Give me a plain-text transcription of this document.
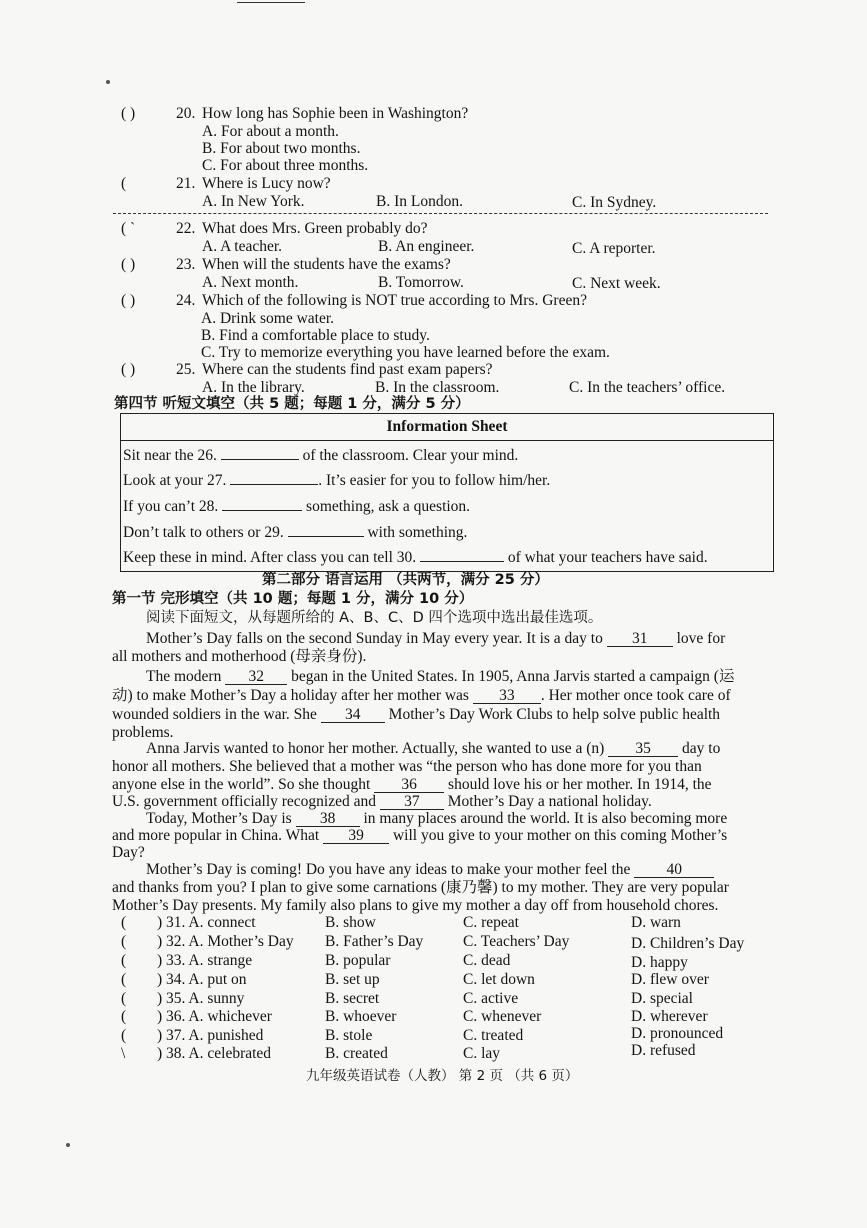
( )	20. How long has Sophie been in Washington?
A. For about a month.
B. For about two months.
C. For about three months.
(	21. Where is Lucy now?
A. In New York.	B. In London.	C. In Sydney.
( `	22. What does Mrs. Green probably do?
A. A teacher.	B. An engineer.	C. A reporter.
( )	23. When will the students have the exams?
A. Next month.	B. Tomorrow.	C. Next week.
( )	24. Which of the following is NOT true according to Mrs. Green?
A. Drink some water.
B. Find a comfortable place to study.
C. Try to memorize everything you have learned before the exam.
( )	25. Where can the students find past exam papers?
A. In the library.	B. In the classroom.	C. In the teachers’ office.
第四节 听短文填空（共 5 题；每题 1 分，满分 5 分）
Information Sheet
Sit near the 26.	of the classroom. Clear your mind.
Look at your 27.	. It’s easier for you to follow him/her.
If you can’t 28.	something, ask a question.
Don’t talk to others or 29.	with something.
Keep these in mind. After class you can tell 30.	of what your teachers have said.
第二部分 语言运用 （共两节，满分 25 分）
第一节 完形填空（共 10 题；每题 1 分，满分 10 分）
阅读下面短文，从每题所给的 A、B、C、D 四个选项中选出最佳选项。
Mother’s Day falls on the second Sunday in May every year. It is a day to 31 love for
all mothers and motherhood (母亲身份).
The modern 32 began in the United States. In 1905, Anna Jarvis started a campaign (运
动) to make Mother’s Day a holiday after her mother was 33 . Her mother once took care of
wounded soldiers in the war. She 34 Mother’s Day Work Clubs to help solve public health
problems.
Anna Jarvis wanted to honor her mother. Actually, she wanted to use a (n) 35 day to
honor all mothers. She believed that a mother was “the person who has done more for you than
anyone else in the world”. So she thought 36 should love his or her mother. In 1914, the
U.S. government officially recognized and 37 Mother’s Day a national holiday.
Today, Mother’s Day is 38 in many places around the world. It is also becoming more
and more popular in China. What 39 will you give to your mother on this coming Mother’s
Day?
Mother’s Day is coming! Do you have any ideas to make your mother feel the 40
and thanks from you? I plan to give some carnations (康乃馨) to my mother. They are very popular
Mother’s Day presents. My family also plans to give my mother a day off from household chores.
( ) 31. A. connect	B. show	C. repeat	D. warn
( ) 32. A. Mother’s Day B. Father’s Day	C. Teachers’ Day	D. Children’s Day
( ) 33. A. strange	B. popular	C. dead	D. happy
( ) 34. A. put on	B. set up	C. let down	D. flew over
( ) 35. A. sunny	B. secret	C. active	D. special
( ) 36. A. whichever	B. whoever	C. whenever	D. wherever
( ) 37. A. punished	B. stole	C. treated	D. pronounced
\ ) 38. A. celebrated	B. created	C. lay	D. refused
九年级英语试卷（人教） 第 2 页 （共 6 页）
